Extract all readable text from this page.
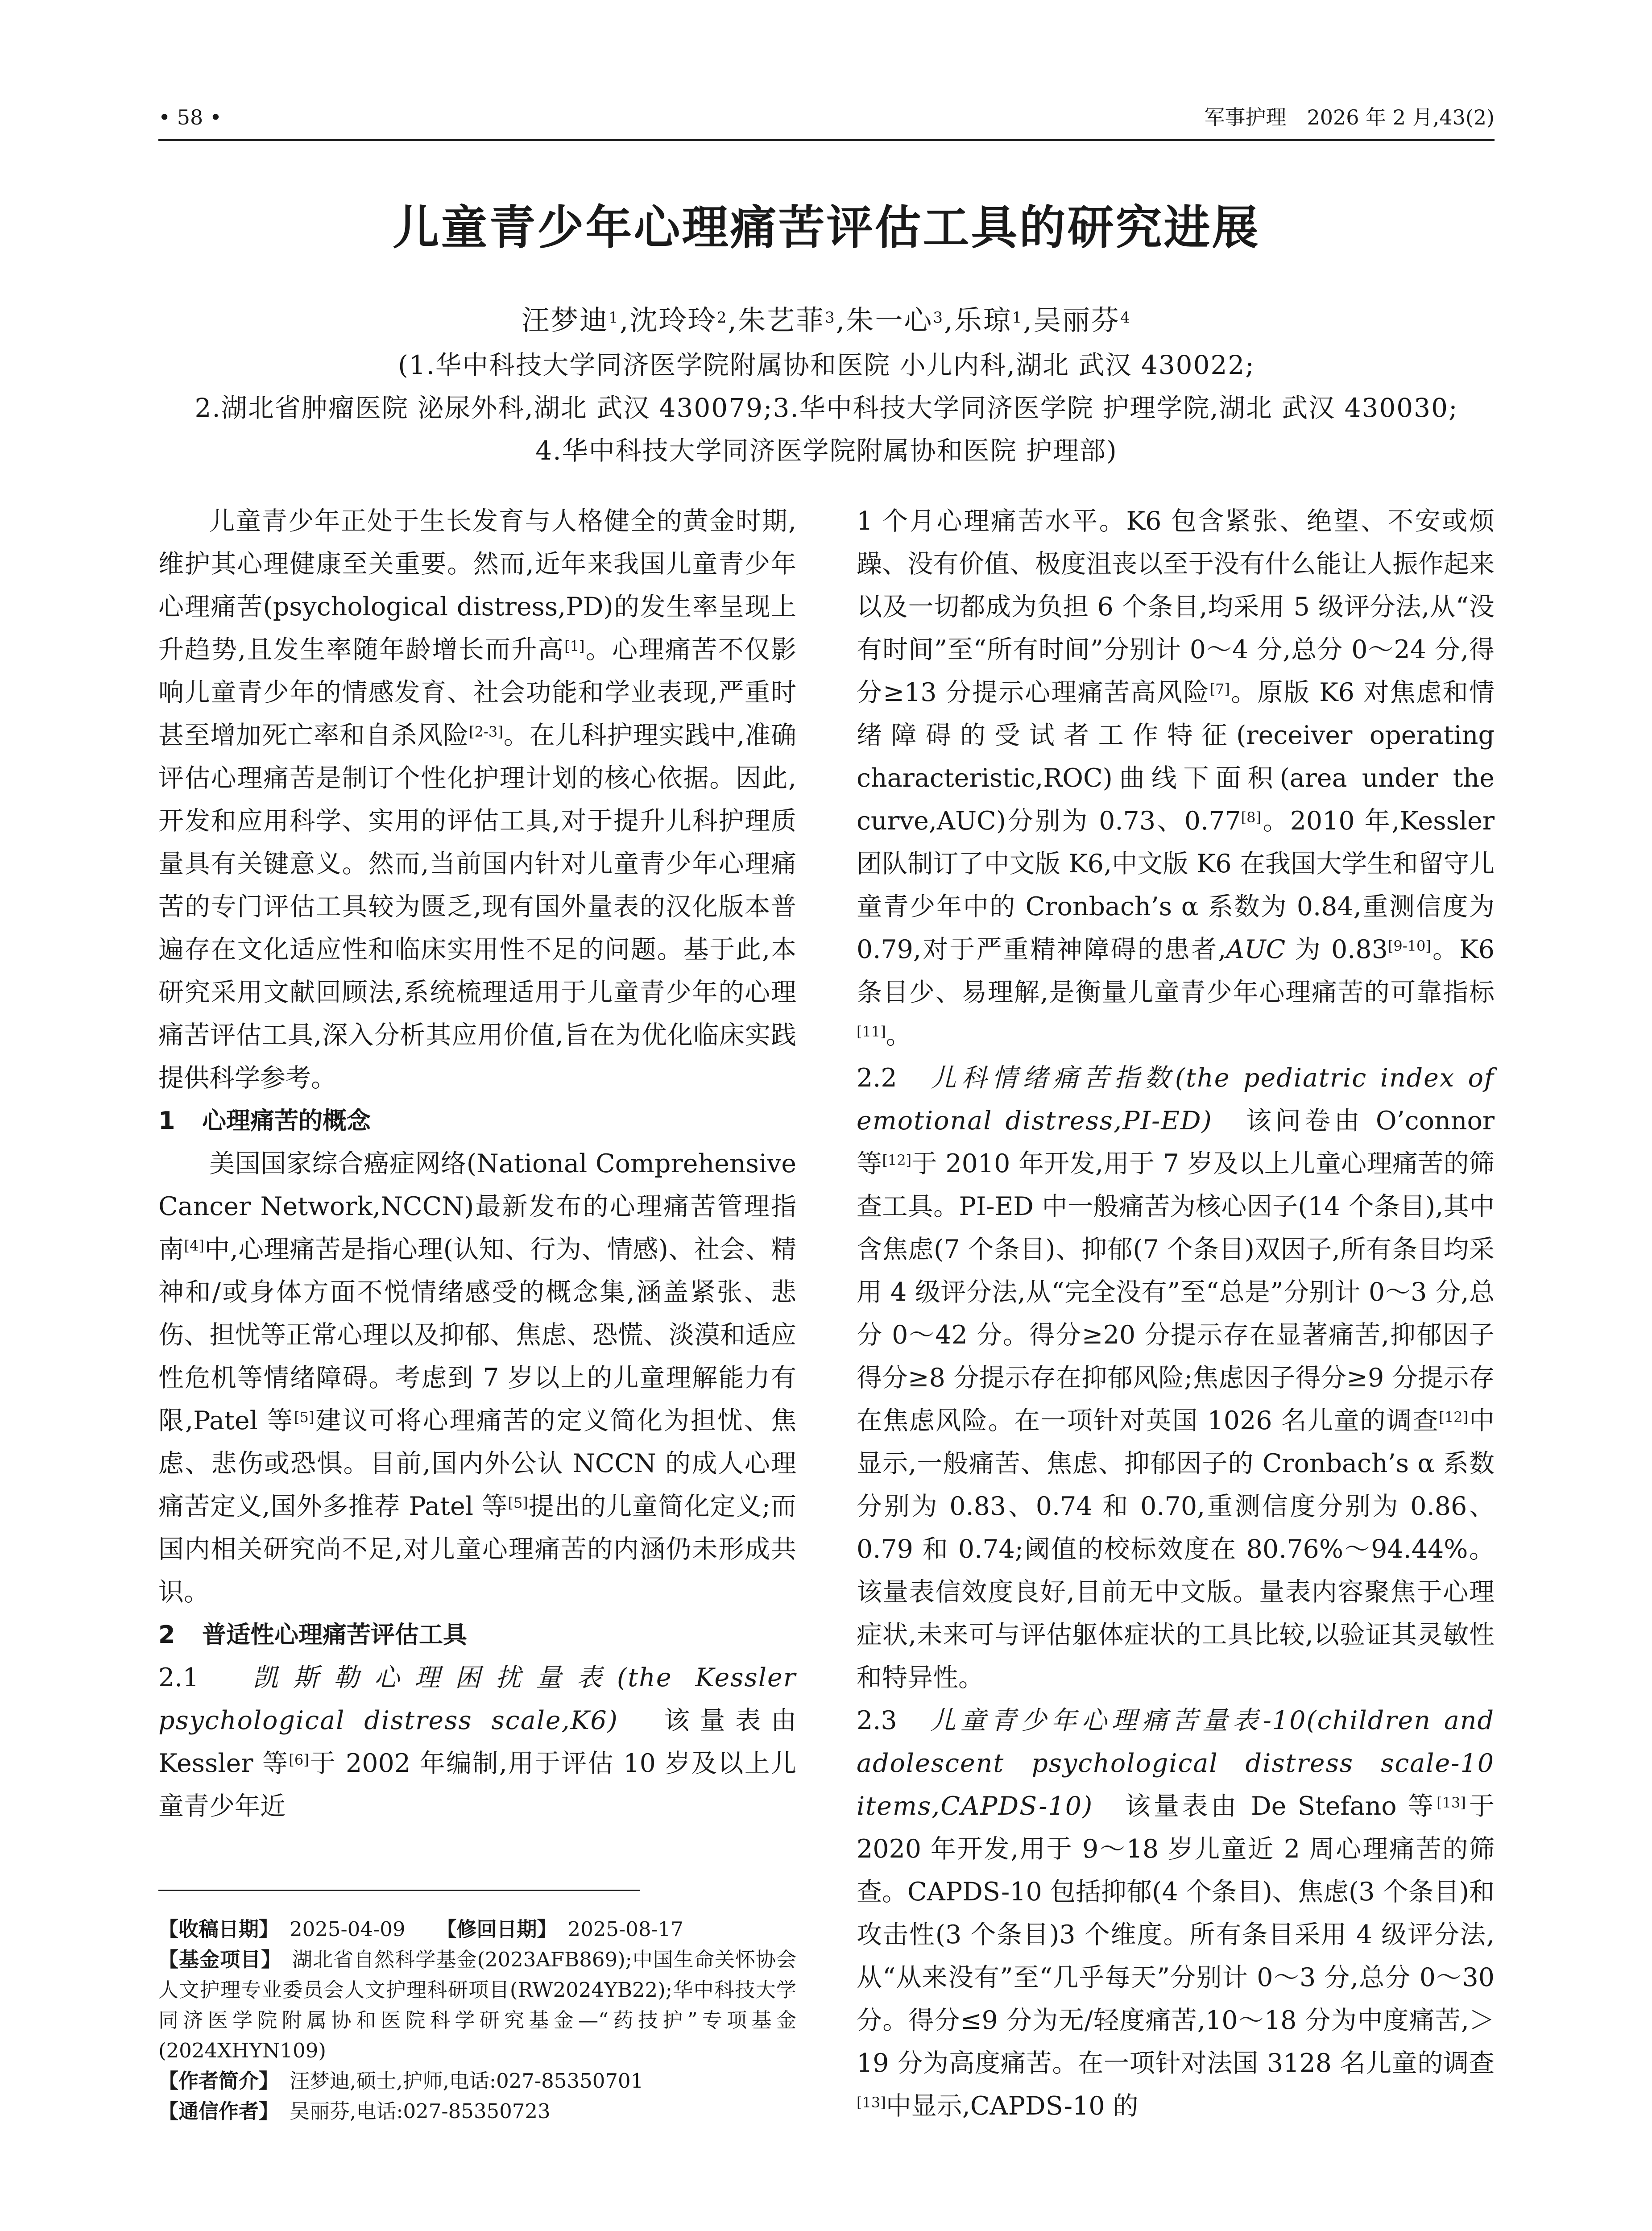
• 58 •	军事护理　2026 年 2 月,43(2)
儿童青少年心理痛苦评估工具的研究进展
汪梦迪$^1$,沈玲玲$^2$,朱艺菲$^3$,朱一心$^3$,乐琼$^1$,吴丽芬$^4$
(1.华中科技大学同济医学院附属协和医院 小儿内科,湖北 武汉 430022;
2.湖北省肿瘤医院 泌尿外科,湖北 武汉 430079;3.华中科技大学同济医学院 护理学院,湖北 武汉 430030;
4.华中科技大学同济医学院附属协和医院 护理部)

儿童青少年正处于生长发育与人格健全的黄金时期,维护其心理健康至关重要。然而,近年来我国儿童青少年心理痛苦(psychological distress,PD)的发生率呈现上升趋势,且发生率随年龄增长而升高[1]。心理痛苦不仅影响儿童青少年的情感发育、社会功能和学业表现,严重时甚至增加死亡率和自杀风险[2-3]。在儿科护理实践中,准确评估心理痛苦是制订个性化护理计划的核心依据。因此,开发和应用科学、实用的评估工具,对于提升儿科护理质量具有关键意义。然而,当前国内针对儿童青少年心理痛苦的专门评估工具较为匮乏,现有国外量表的汉化版本普遍存在文化适应性和临床实用性不足的问题。基于此,本研究采用文献回顾法,系统梳理适用于儿童青少年的心理痛苦评估工具,深入分析其应用价值,旨在为优化临床实践提供科学参考。

1 心理痛苦的概念

美国国家综合癌症网络(National Comprehensive Cancer Network,NCCN)最新发布的心理痛苦管理指南[4]中,心理痛苦是指心理(认知、行为、情感)、社会、精神和/或身体方面不悦情绪感受的概念集,涵盖紧张、悲伤、担忧等正常心理以及抑郁、焦虑、恐慌、淡漠和适应性危机等情绪障碍。考虑到 7 岁以上的儿童理解能力有限,Patel 等[5]建议可将心理痛苦的定义简化为担忧、焦虑、悲伤或恐惧。目前,国内外公认 NCCN 的成人心理痛苦定义,国外多推荐 Patel 等[5]提出的儿童简化定义;而国内相关研究尚不足,对儿童心理痛苦的内涵仍未形成共识。

2 普适性心理痛苦评估工具

2.1　 凯斯勒心理困扰量表(the Kessler psychological distress scale,K6)　 该量表由 Kessler 等[6]于 2002 年编制,用于评估 10 岁及以上儿童青少年近

【收稿日期】 2025-04-09 【修回日期】 2025-08-17

【基金项目】 湖北省自然科学基金(2023AFB869);中国生命关怀协会人文护理专业委员会人文护理科研项目(RW2024YB22);华中科技大学同济医学院附属协和医院科学研究基金—“药技护”专项基金(2024XHYN109)

【作者简介】 汪梦迪,硕士,护师,电话:027-85350701

【通信作者】 吴丽芬,电话:027-85350723

1 个月心理痛苦水平。K6 包含紧张、绝望、不安或烦躁、没有价值、极度沮丧以至于没有什么能让人振作起来以及一切都成为负担 6 个条目,均采用 5 级评分法,从“没有时间”至“所有时间”分别计 0～4 分,总分 0～24 分,得分≥13 分提示心理痛苦高风险[7]。原版 K6 对焦虑和情绪障碍的受试者工作特征(receiver operating characteristic,ROC)曲线下面积(area under the curve,AUC)分别为 0.73、0.77[8]。2010 年,Kessler 团队制订了中文版 K6,中文版 K6 在我国大学生和留守儿童青少年中的 Cronbach’s α 系数为 0.84,重测信度为 0.79,对于严重精神障碍的患者,AUC 为 0.83[9-10]。K6 条目少、易理解,是衡量儿童青少年心理痛苦的可靠指标[11]。

2.2　 儿科情绪痛苦指数(the pediatric index of emotional distress,PI-ED)　 该问卷由 O’connor 等[12]于 2010 年开发,用于 7 岁及以上儿童心理痛苦的筛查工具。PI-ED 中一般痛苦为核心因子(14 个条目),其中含焦虑(7 个条目)、抑郁(7 个条目)双因子,所有条目均采用 4 级评分法,从“完全没有”至“总是”分别计 0～3 分,总分 0～42 分。得分≥20 分提示存在显著痛苦,抑郁因子得分≥8 分提示存在抑郁风险;焦虑因子得分≥9 分提示存在焦虑风险。在一项针对英国 1026 名儿童的调查[12]中显示,一般痛苦、焦虑、抑郁因子的 Cronbach’s α 系数分别为 0.83、0.74 和 0.70,重测信度分别为 0.86、0.79 和 0.74;阈值的校标效度在 80.76%～94.44%。该量表信效度良好,目前无中文版。量表内容聚焦于心理症状,未来可与评估躯体症状的工具比较,以验证其灵敏性和特异性。

2.3　 儿童青少年心理痛苦量表-10(children and adolescent psychological distress scale-10 items,CAPDS-10)　 该量表由 De Stefano 等[13]于 2020 年开发,用于 9～18 岁儿童近 2 周心理痛苦的筛查。CAPDS-10 包括抑郁(4 个条目)、焦虑(3 个条目)和攻击性(3 个条目)3 个维度。所有条目采用 4 级评分法,从“从来没有”至“几乎每天”分别计 0～3 分,总分 0～30 分。得分≤9 分为无/轻度痛苦,10～18 分为中度痛苦,＞19 分为高度痛苦。在一项针对法国 3128 名儿童的调查[13]中显示,CAPDS-10 的
